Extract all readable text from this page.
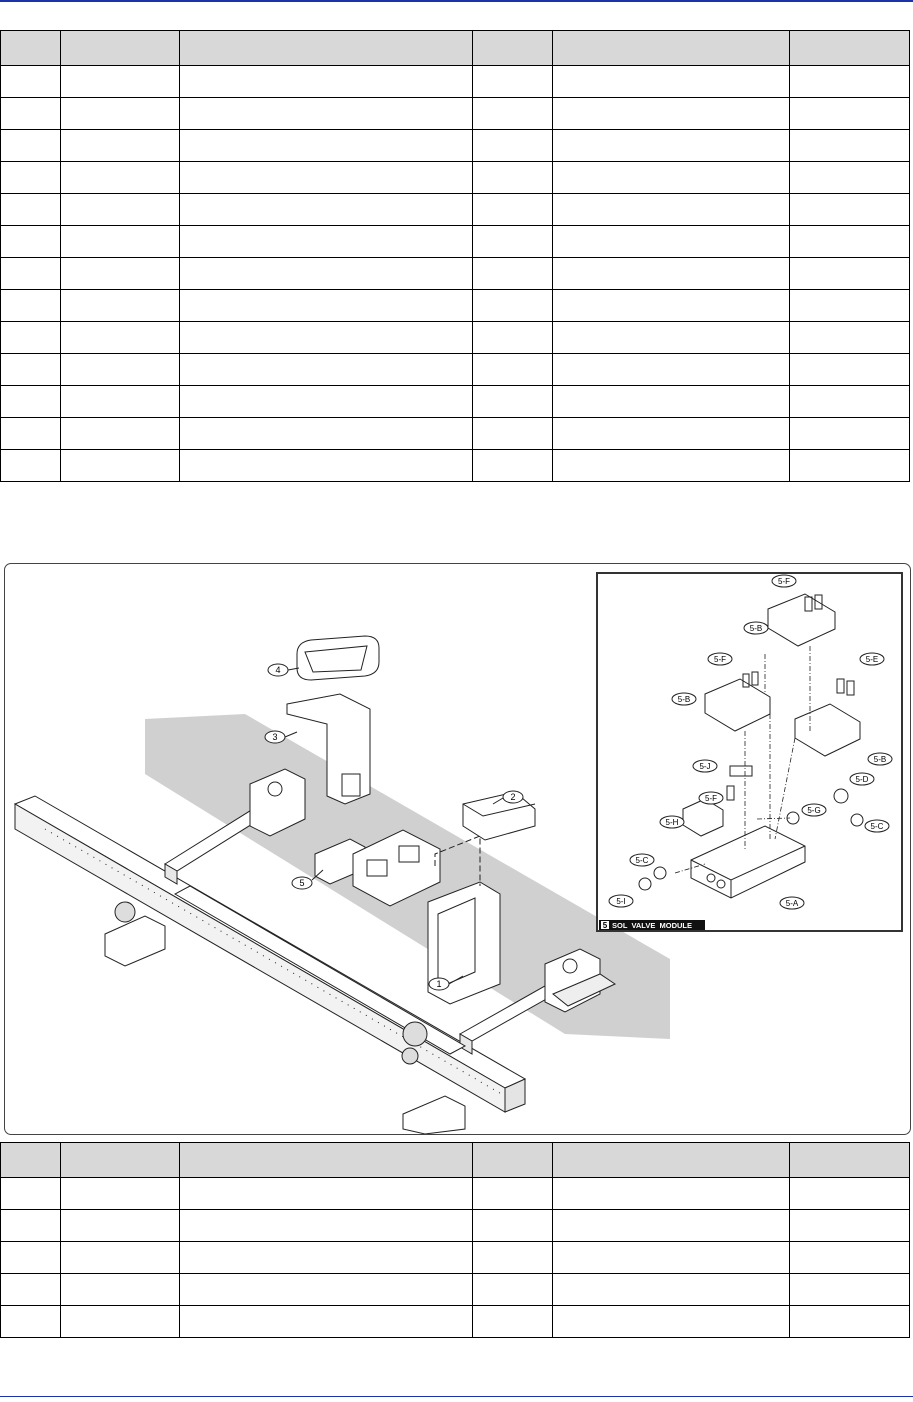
1
2
3
4
5
5-F
5-B
5-F	5-E
5-B
5-B
5-J
5-D
5-F
5-G
5-H	5-C
5-C
5-I	5-A
5 SOL  VALVE  MODULE
